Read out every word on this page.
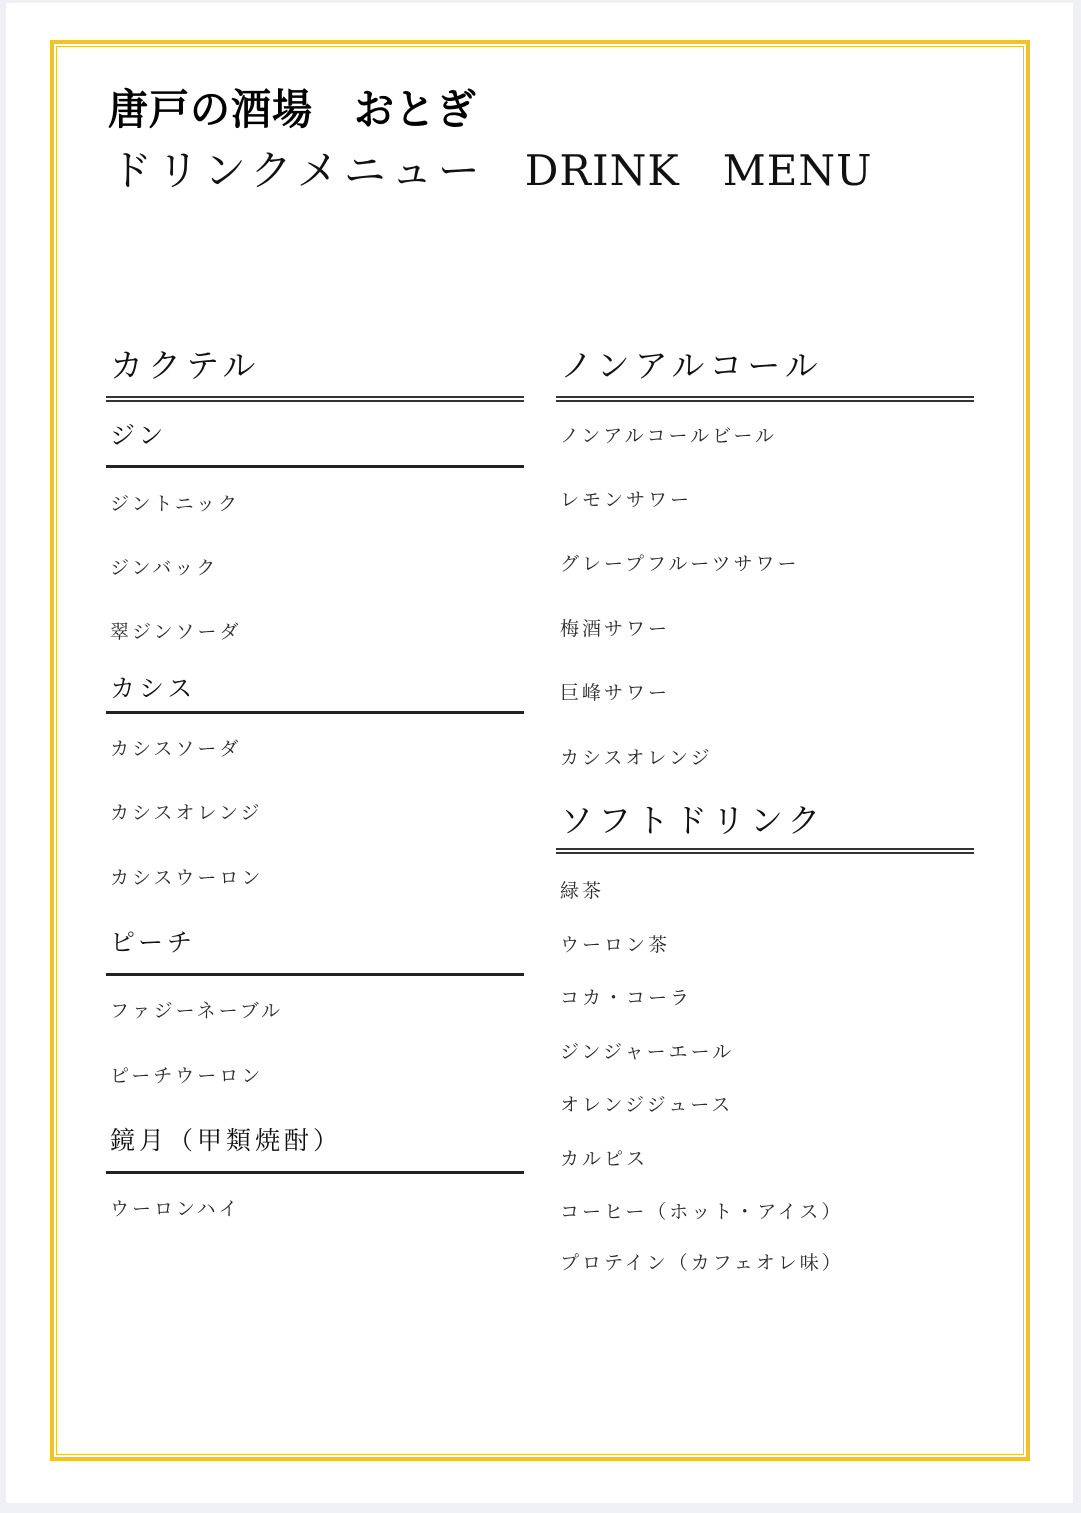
唐戸の酒場　おとぎ
ドリンクメニュー DRINK　MENU
カクテル
ジン
ジントニック
ジンバック
翠ジンソーダ
カシス
カシスソーダ
カシスオレンジ
カシスウーロン
ピーチ
ファジーネーブル
ピーチウーロン
鏡月（甲類焼酎）
ウーロンハイ
ノンアルコール
ノンアルコールビール
レモンサワー
グレープフルーツサワー
梅酒サワー
巨峰サワー
カシスオレンジ
ソフトドリンク
緑茶
ウーロン茶
コカ・コーラ
ジンジャーエール
オレンジジュース
カルピス
コーヒー（ホット・アイス）
プロテイン（カフェオレ味）
